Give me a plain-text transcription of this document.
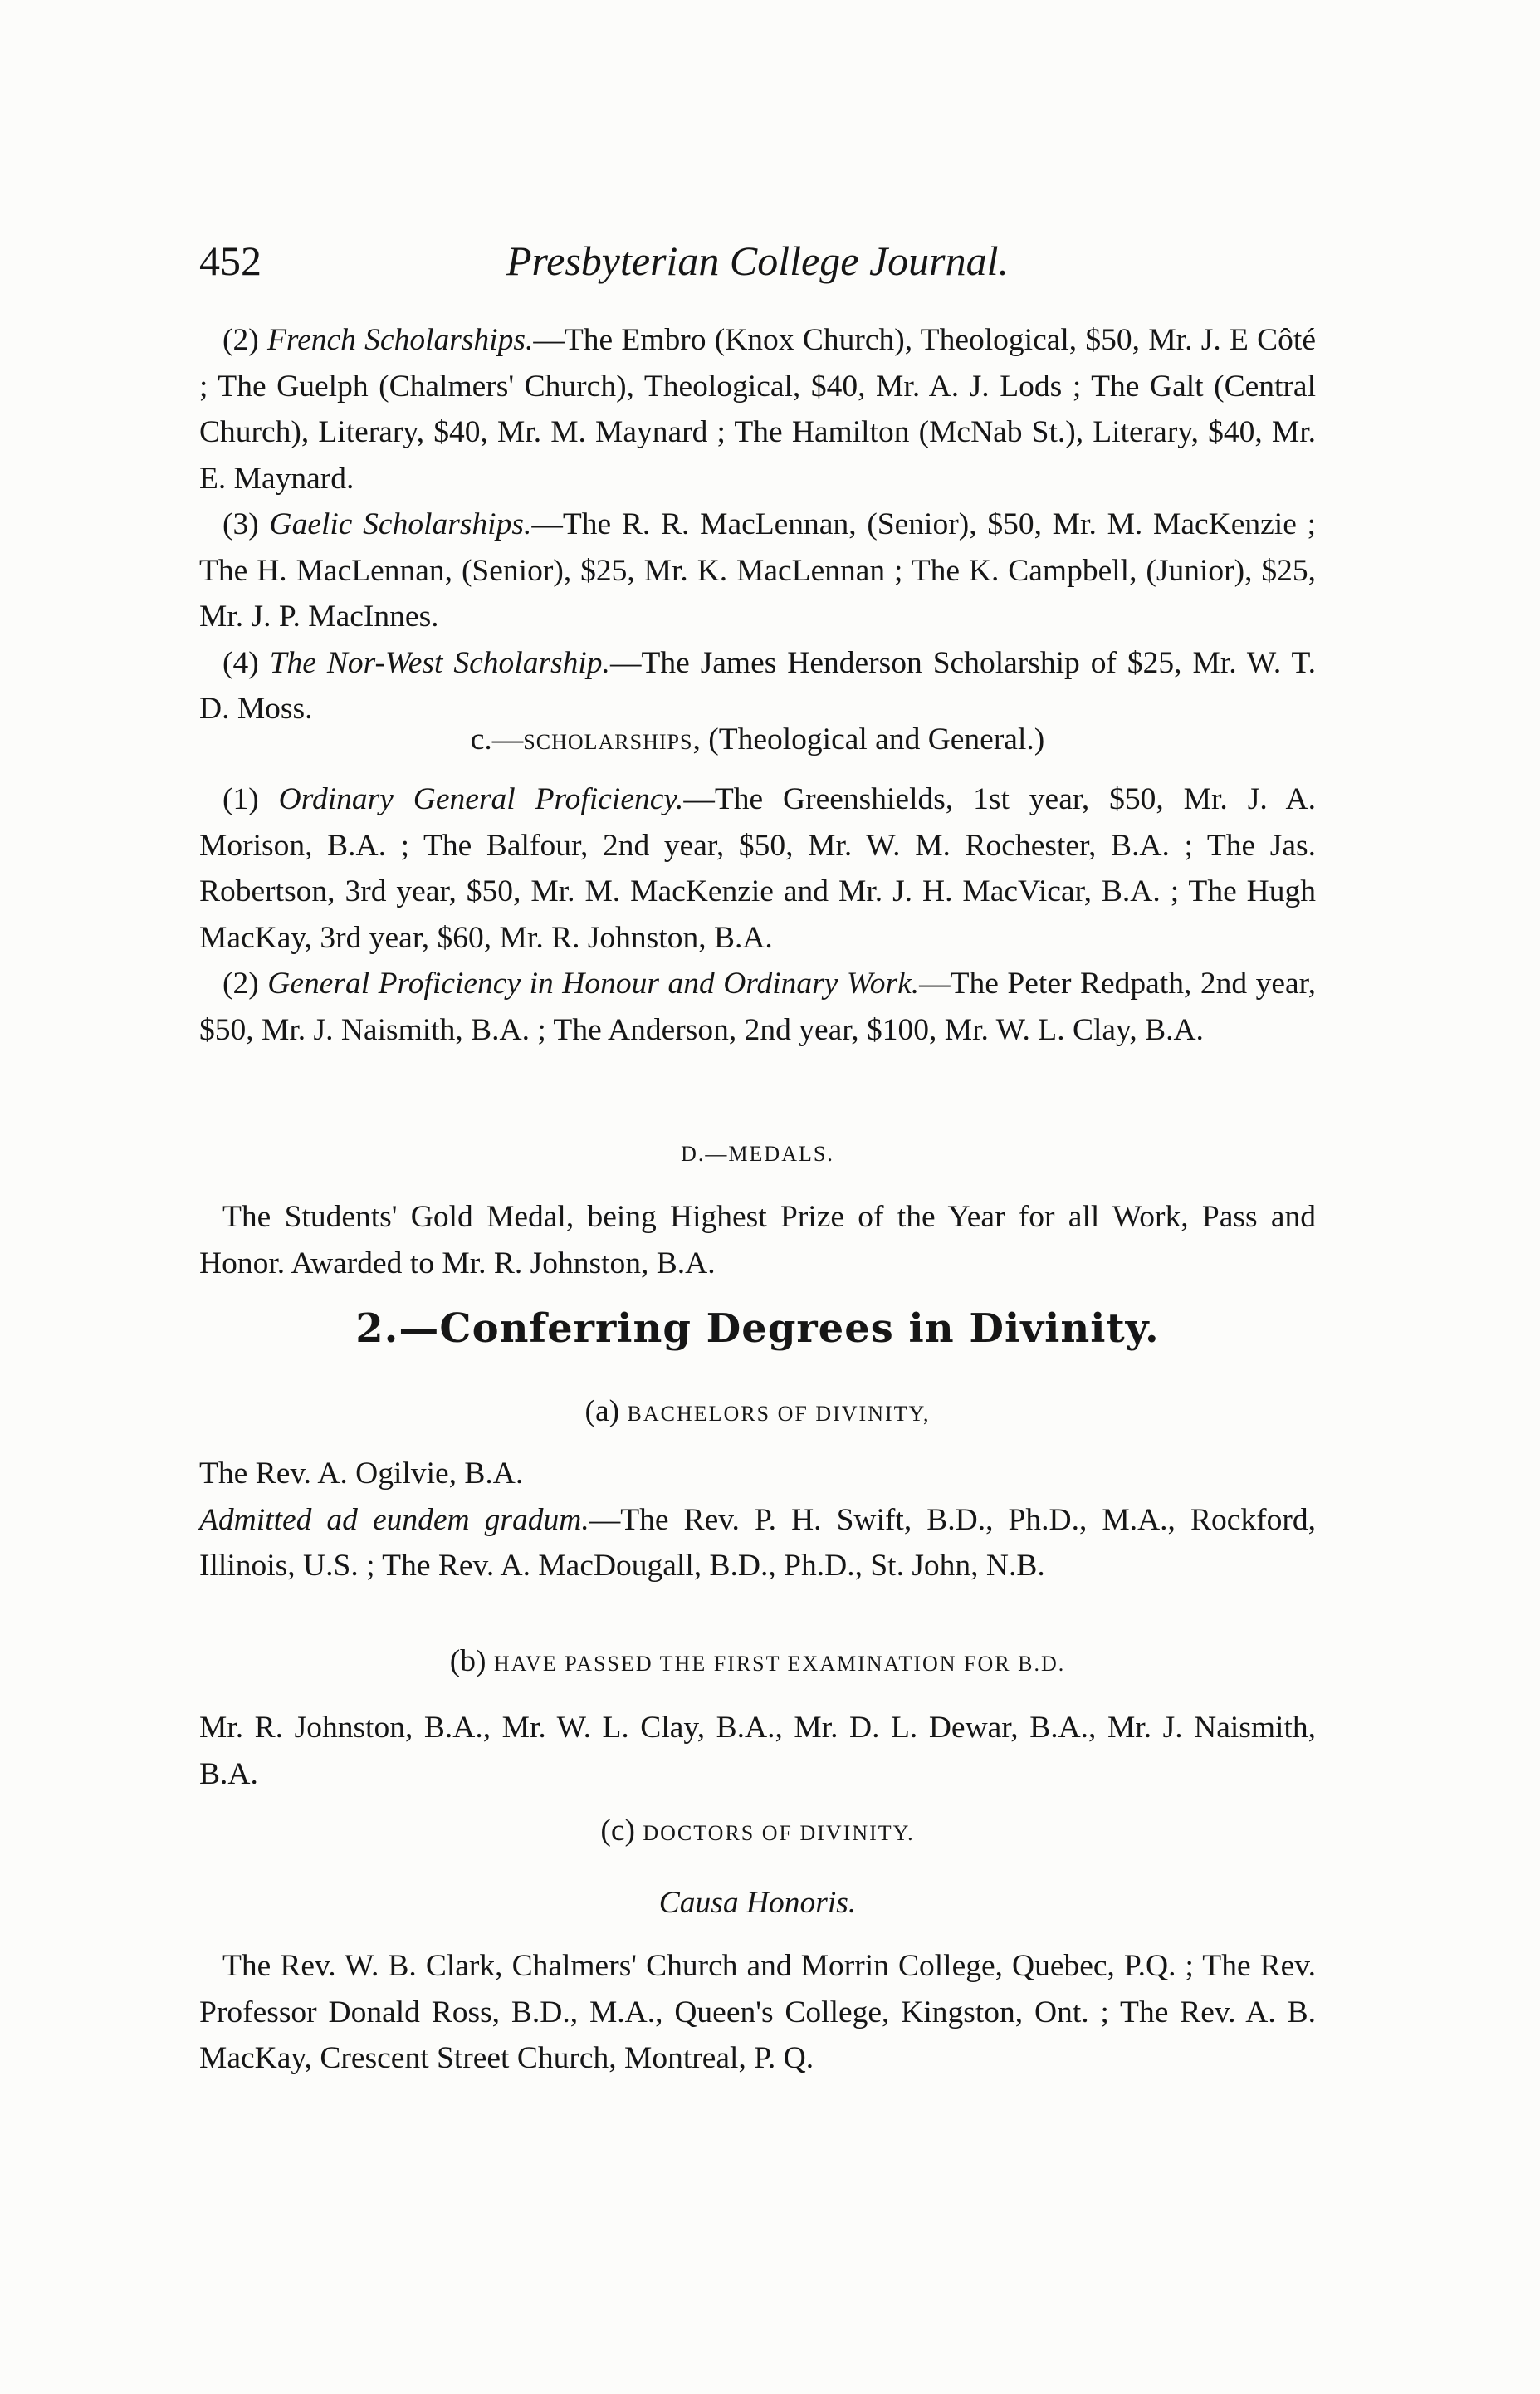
452	Presbyterian College Journal.

(2) French Scholarships.—The Embro (Knox Church), Theological, $50, Mr. J. E Côté ; The Guelph (Chalmers' Church), Theological, $40, Mr. A. J. Lods ; The Galt (Central Church), Literary, $40, Mr. M. Maynard ; The Hamilton (McNab St.), Literary, $40, Mr. E. Maynard.

(3) Gaelic Scholarships.—The R. R. MacLennan, (Senior), $50, Mr. M. MacKenzie ; The H. MacLennan, (Senior), $25, Mr. K. MacLennan ; The K. Campbell, (Junior), $25, Mr. J. P. MacInnes.

(4) The Nor-West Scholarship.—The James Henderson Scholarship of $25, Mr. W. T. D. Moss.

c.—scholarships, (Theological and General.)

(1) Ordinary General Proficiency.—The Greenshields, 1st year, $50, Mr. J. A. Morison, B.A. ; The Balfour, 2nd year, $50, Mr. W. M. Rochester, B.A. ; The Jas. Robertson, 3rd year, $50, Mr. M. MacKenzie and Mr. J. H. MacVicar, B.A. ; The Hugh MacKay, 3rd year, $60, Mr. R. Johnston, B.A.

(2) General Proficiency in Honour and Ordinary Work.—The Peter Redpath, 2nd year, $50, Mr. J. Naismith, B.A. ; The Anderson, 2nd year, $100, Mr. W. L. Clay, B.A.

D.—MEDALS.

The Students' Gold Medal, being Highest Prize of the Year for all Work, Pass and Honor. Awarded to Mr. R. Johnston, B.A.

2.—Conferring Degrees in Divinity.

(a) BACHELORS OF DIVINITY,

The Rev. A. Ogilvie, B.A.

Admitted ad eundem gradum.—The Rev. P. H. Swift, B.D., Ph.D., M.A., Rockford, Illinois, U.S. ; The Rev. A. MacDougall, B.D., Ph.D., St. John, N.B.

(b) HAVE PASSED THE FIRST EXAMINATION FOR B.D.

Mr. R. Johnston, B.A., Mr. W. L. Clay, B.A., Mr. D. L. Dewar, B.A., Mr. J. Naismith, B.A.

(c) DOCTORS OF DIVINITY.

Causa Honoris.

The Rev. W. B. Clark, Chalmers' Church and Morrin College, Quebec, P.Q. ; The Rev. Professor Donald Ross, B.D., M.A., Queen's College, Kingston, Ont. ; The Rev. A. B. MacKay, Crescent Street Church, Montreal, P. Q.
